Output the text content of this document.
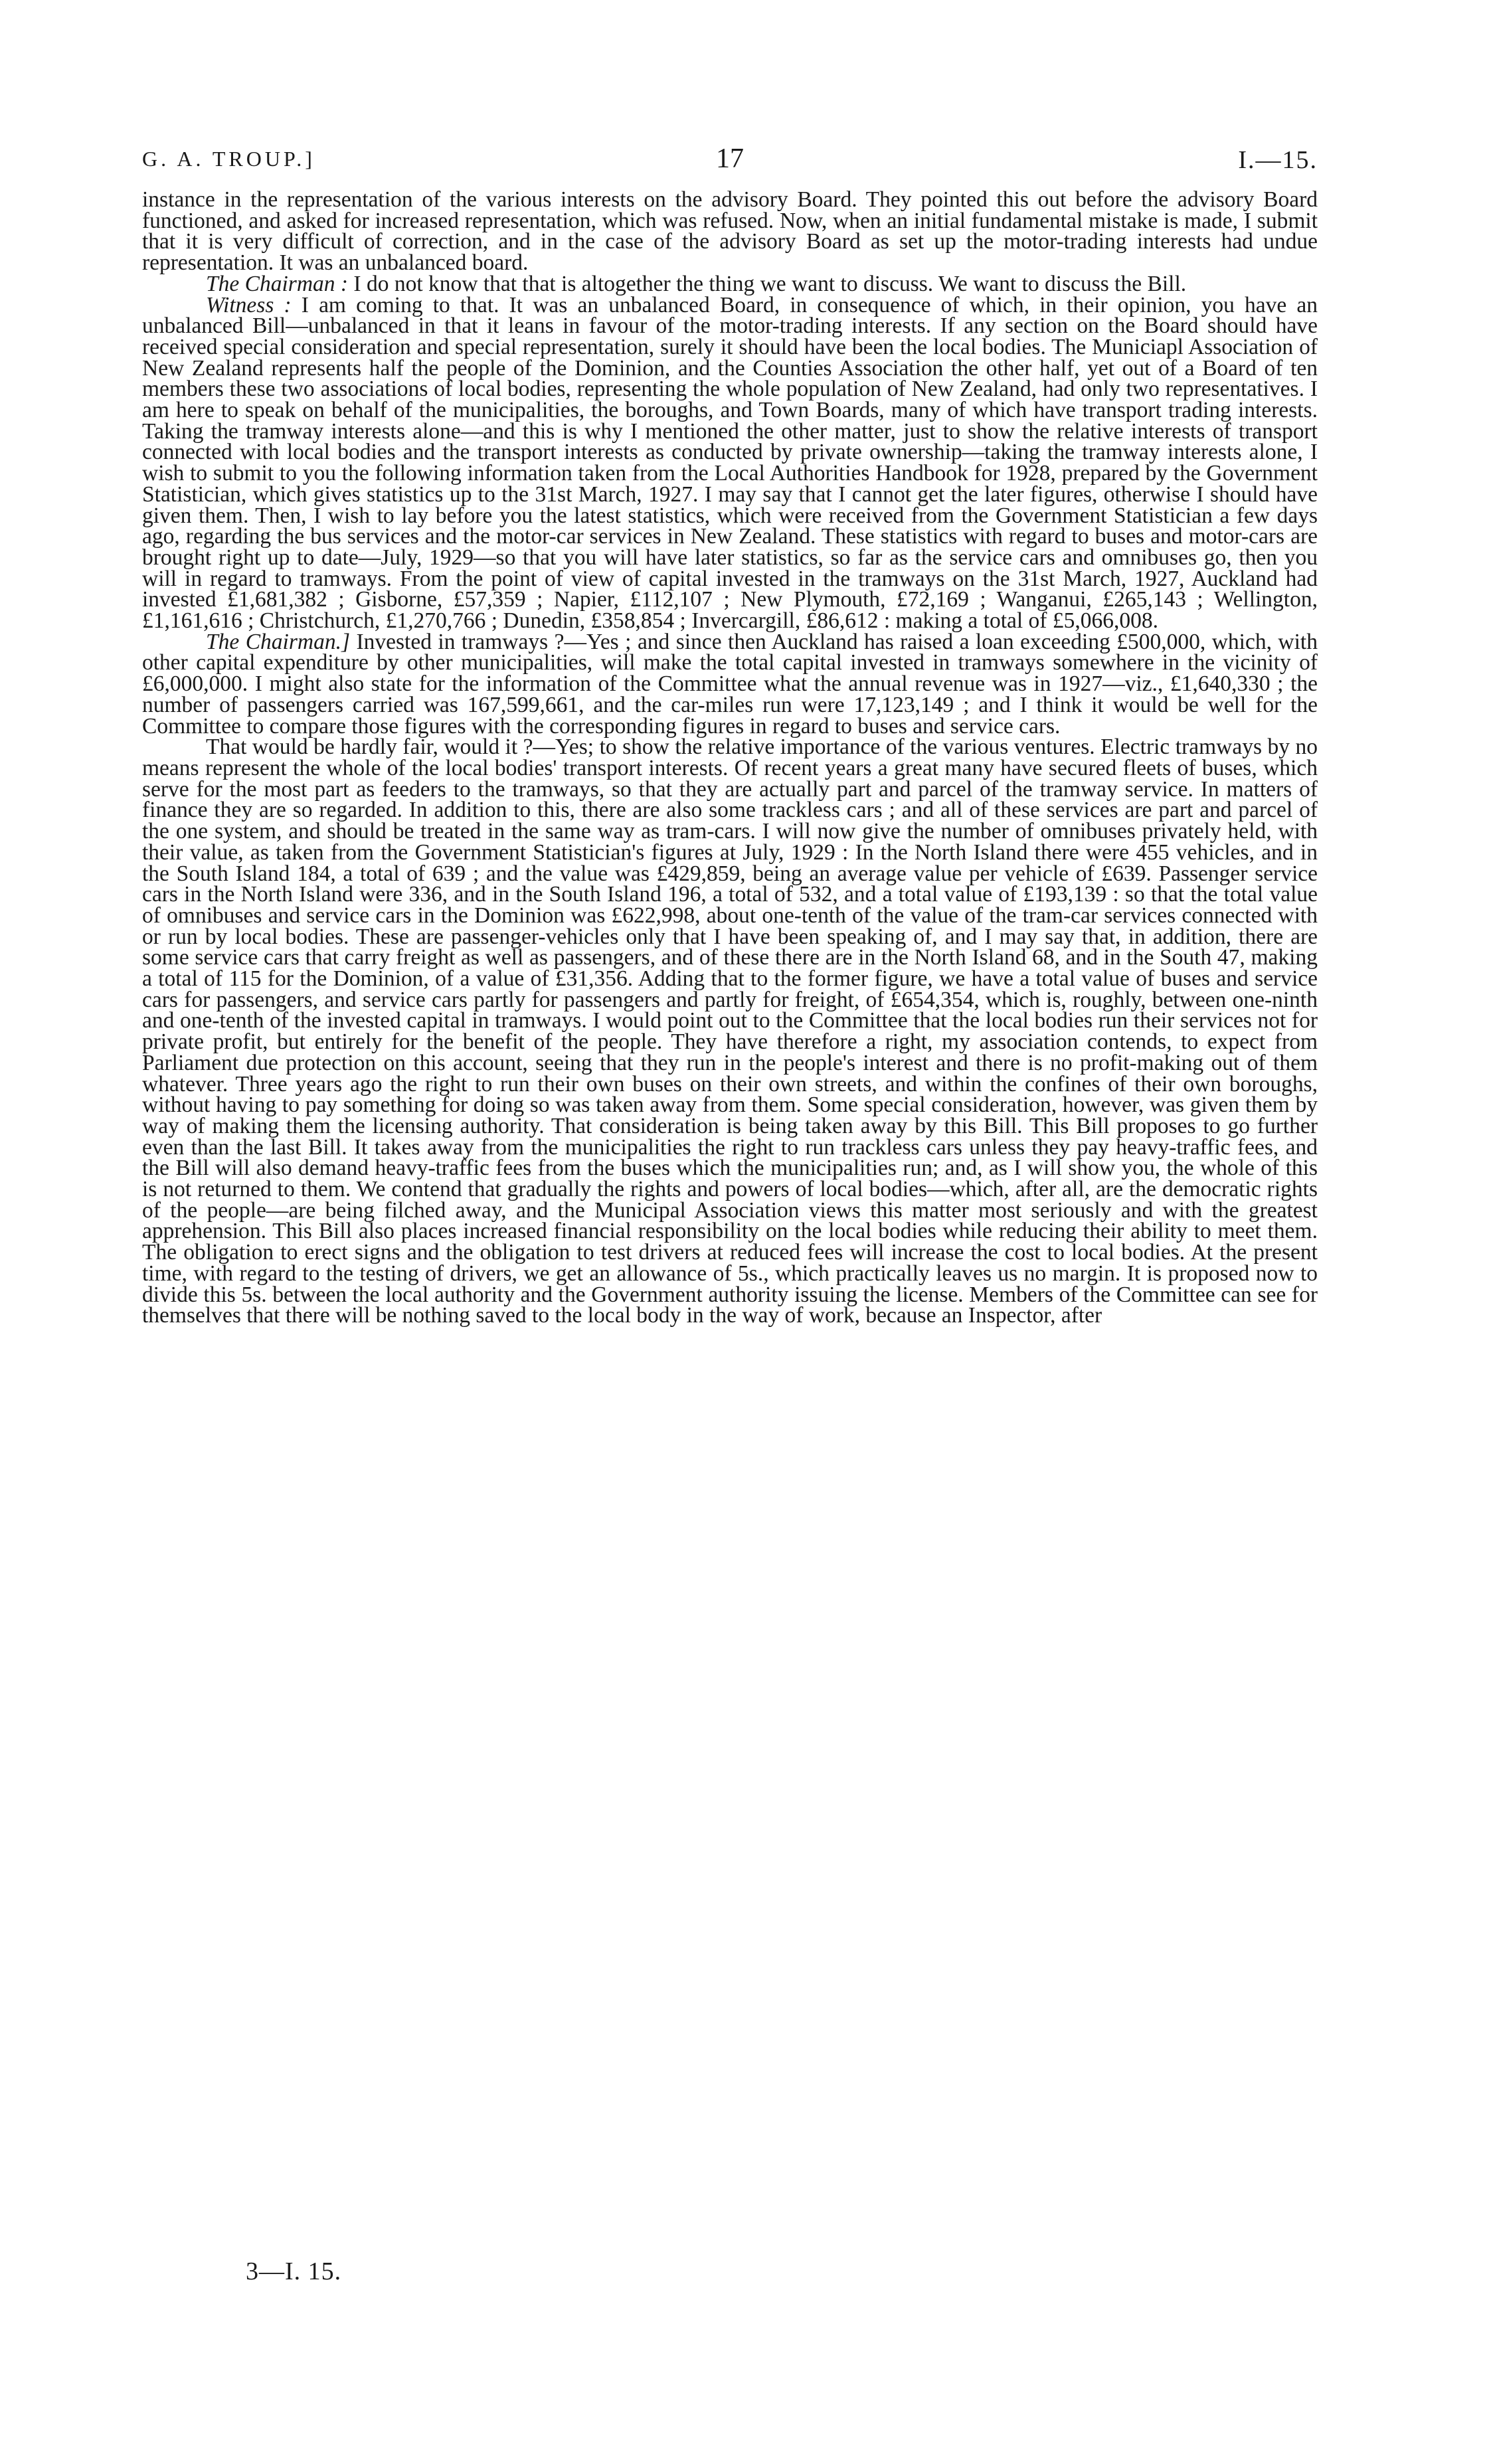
G. A. TROUP.]	17	I.—15.

instance in the representation of the various interests on the advisory Board. They pointed this out before the advisory Board functioned, and asked for increased representation, which was refused. Now, when an initial fundamental mistake is made, I submit that it is very difficult of correction, and in the case of the advisory Board as set up the motor-trading interests had undue representation. It was an unbalanced board.

The Chairman : I do not know that that is altogether the thing we want to discuss. We want to discuss the Bill.

Witness : I am coming to that. It was an unbalanced Board, in consequence of which, in their opinion, you have an unbalanced Bill—unbalanced in that it leans in favour of the motor-trading interests. If any section on the Board should have received special consideration and special representation, surely it should have been the local bodies. The Municiapl Association of New Zealand represents half the people of the Dominion, and the Counties Association the other half, yet out of a Board of ten members these two associations of local bodies, representing the whole population of New Zealand, had only two representatives. I am here to speak on behalf of the municipalities, the boroughs, and Town Boards, many of which have transport trading interests. Taking the tramway interests alone—and this is why I mentioned the other matter, just to show the relative interests of transport connected with local bodies and the transport interests as conducted by private ownership—taking the tramway interests alone, I wish to submit to you the following information taken from the Local Authorities Handbook for 1928, prepared by the Government Statistician, which gives statistics up to the 31st March, 1927. I may say that I cannot get the later figures, otherwise I should have given them. Then, I wish to lay before you the latest statistics, which were received from the Government Statistician a few days ago, regarding the bus services and the motor-car services in New Zealand. These statistics with regard to buses and motor-cars are brought right up to date—July, 1929—so that you will have later statistics, so far as the service cars and omnibuses go, then you will in regard to tramways. From the point of view of capital invested in the tramways on the 31st March, 1927, Auckland had invested £1,681,382 ; Gisborne, £57,359 ; Napier, £112,107 ; New Plymouth, £72,169 ; Wanganui, £265,143 ; Wellington, £1,161,616 ; Christchurch, £1,270,766 ; Dunedin, £358,854 ; Invercargill, £86,612 : making a total of £5,066,008.

The Chairman.] Invested in tramways ?—Yes ; and since then Auckland has raised a loan exceeding £500,000, which, with other capital expenditure by other municipalities, will make the total capital invested in tramways somewhere in the vicinity of £6,000,000. I might also state for the information of the Committee what the annual revenue was in 1927—viz., £1,640,330 ; the number of passengers carried was 167,599,661, and the car-miles run were 17,123,149 ; and I think it would be well for the Committee to compare those figures with the corresponding figures in regard to buses and service cars.

That would be hardly fair, would it ?—Yes; to show the relative importance of the various ventures. Electric tramways by no means represent the whole of the local bodies' transport interests. Of recent years a great many have secured fleets of buses, which serve for the most part as feeders to the tramways, so that they are actually part and parcel of the tramway service. In matters of finance they are so regarded. In addition to this, there are also some trackless cars ; and all of these services are part and parcel of the one system, and should be treated in the same way as tram-cars. I will now give the number of omnibuses privately held, with their value, as taken from the Government Statistician's figures at July, 1929 : In the North Island there were 455 vehicles, and in the South Island 184, a total of 639 ; and the value was £429,859, being an average value per vehicle of £639. Passenger service cars in the North Island were 336, and in the South Island 196, a total of 532, and a total value of £193,139 : so that the total value of omnibuses and service cars in the Dominion was £622,998, about one-tenth of the value of the tram-car services connected with or run by local bodies. These are passenger-vehicles only that I have been speaking of, and I may say that, in addition, there are some service cars that carry freight as well as passengers, and of these there are in the North Island 68, and in the South 47, making a total of 115 for the Dominion, of a value of £31,356. Adding that to the former figure, we have a total value of buses and service cars for passengers, and service cars partly for passengers and partly for freight, of £654,354, which is, roughly, between one-ninth and one-tenth of the invested capital in tramways. I would point out to the Committee that the local bodies run their services not for private profit, but entirely for the benefit of the people. They have therefore a right, my association contends, to expect from Parliament due protection on this account, seeing that they run in the people's interest and there is no profit-making out of them whatever. Three years ago the right to run their own buses on their own streets, and within the confines of their own boroughs, without having to pay something for doing so was taken away from them. Some special consideration, however, was given them by way of making them the licensing authority. That consideration is being taken away by this Bill. This Bill proposes to go further even than the last Bill. It takes away from the municipalities the right to run trackless cars unless they pay heavy-traffic fees, and the Bill will also demand heavy-traffic fees from the buses which the municipalities run; and, as I will show you, the whole of this is not returned to them. We contend that gradually the rights and powers of local bodies—which, after all, are the democratic rights of the people—are being filched away, and the Municipal Association views this matter most seriously and with the greatest apprehension. This Bill also places increased financial responsibility on the local bodies while reducing their ability to meet them. The obligation to erect signs and the obligation to test drivers at reduced fees will increase the cost to local bodies. At the present time, with regard to the testing of drivers, we get an allowance of 5s., which practically leaves us no margin. It is proposed now to divide this 5s. between the local authority and the Government authority issuing the license. Members of the Committee can see for themselves that there will be nothing saved to the local body in the way of work, because an Inspector, after

3—I. 15.
